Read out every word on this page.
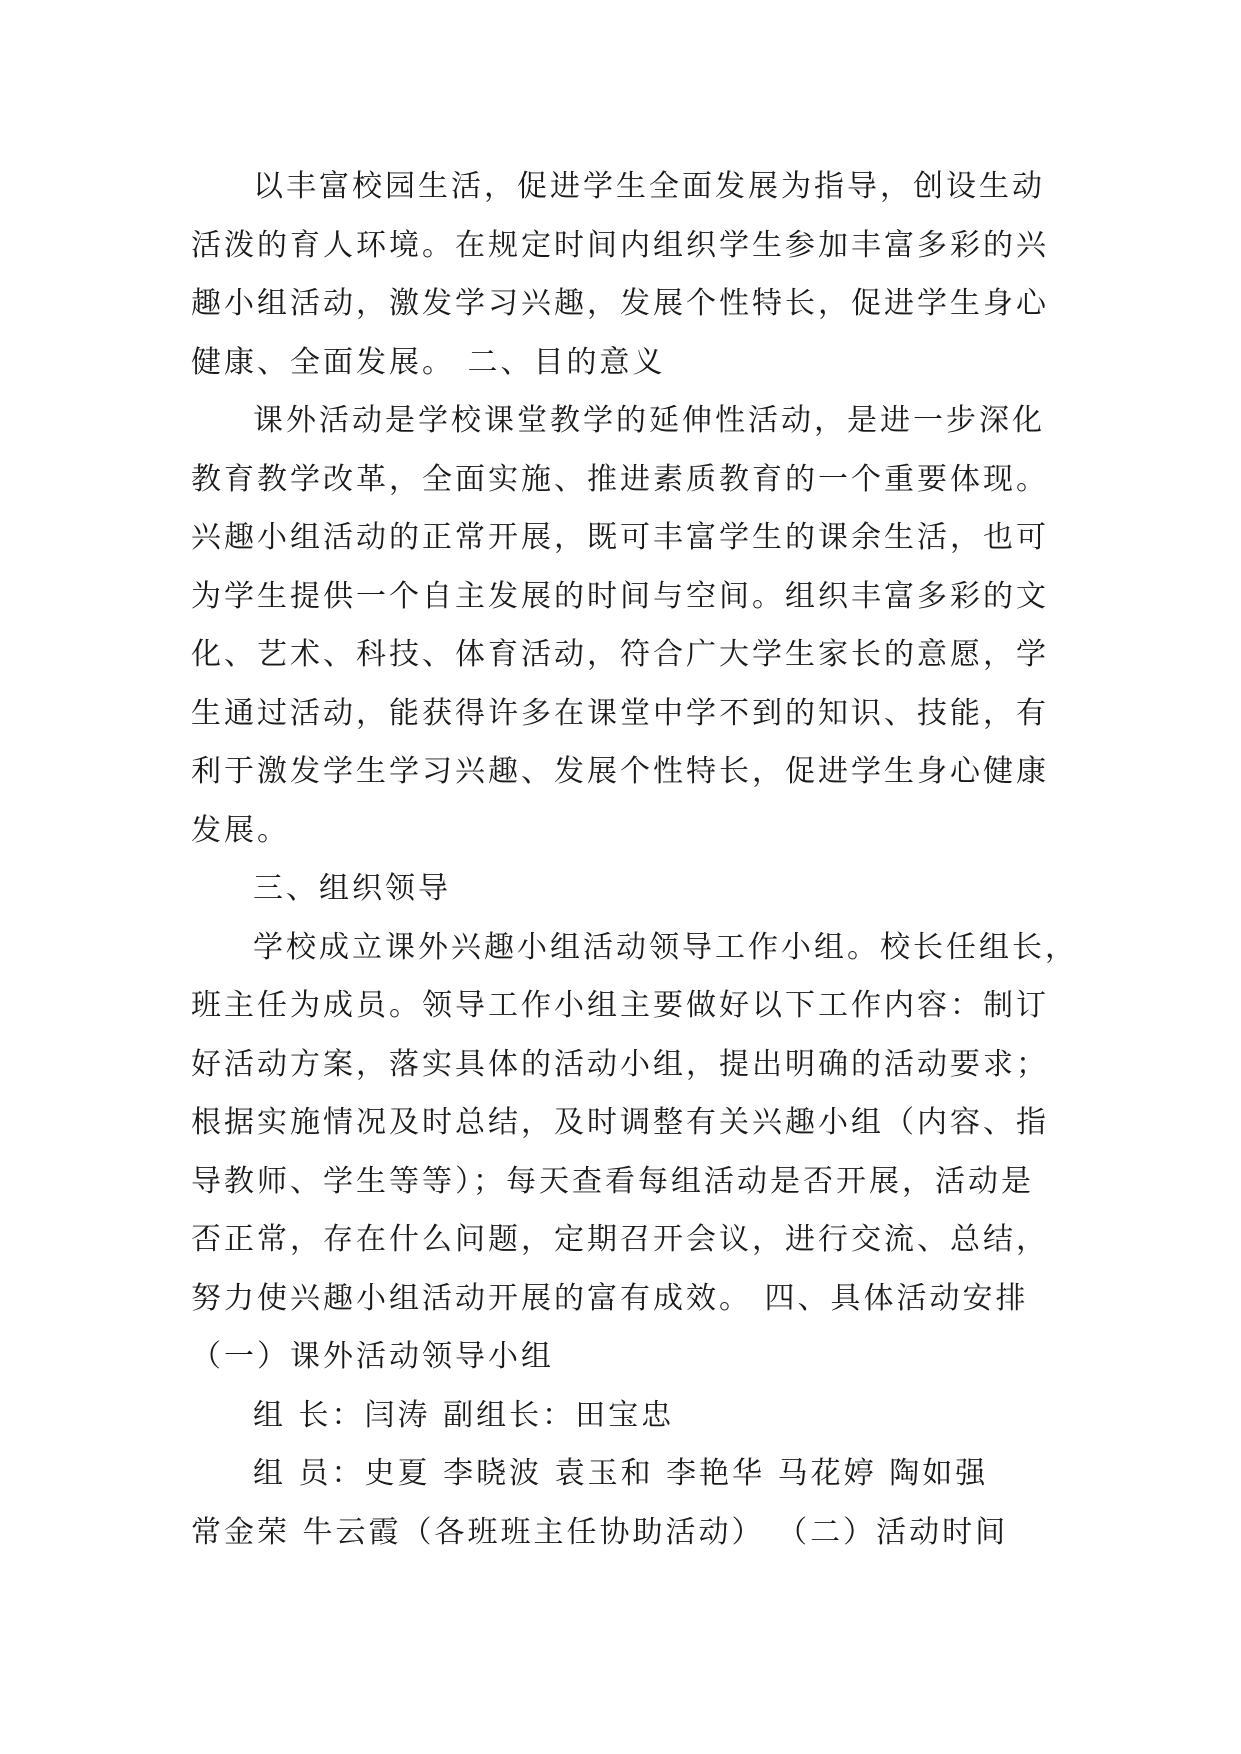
以丰富校园生活，促进学生全面发展为指导，创设生动
活泼的育人环境。在规定时间内组织学生参加丰富多彩的兴
趣小组活动，激发学习兴趣，发展个性特长，促进学生身心
健康、全面发展。 二、目的意义
课外活动是学校课堂教学的延伸性活动，是进一步深化
教育教学改革，全面实施、推进素质教育的一个重要体现。
兴趣小组活动的正常开展，既可丰富学生的课余生活，也可
为学生提供一个自主发展的时间与空间。组织丰富多彩的文
化、艺术、科技、体育活动，符合广大学生家长的意愿，学
生通过活动，能获得许多在课堂中学不到的知识、技能，有
利于激发学生学习兴趣、发展个性特长，促进学生身心健康
发展。
三、组织领导
学校成立课外兴趣小组活动领导工作小组。校长任组长，
班主任为成员。领导工作小组主要做好以下工作内容：制订
好活动方案，落实具体的活动小组，提出明确的活动要求；
根据实施情况及时总结，及时调整有关兴趣小组（内容、指
导教师、学生等等）；每天查看每组活动是否开展，活动是
否正常，存在什么问题，定期召开会议，进行交流、总结，
努力使兴趣小组活动开展的富有成效。 四、具体活动安排
（一）课外活动领导小组
组 长：闫涛 副组长：田宝忠
组 员：史夏 李晓波 袁玉和 李艳华 马花婷 陶如强
常金荣 牛云霞（各班班主任协助活动） （二）活动时间
